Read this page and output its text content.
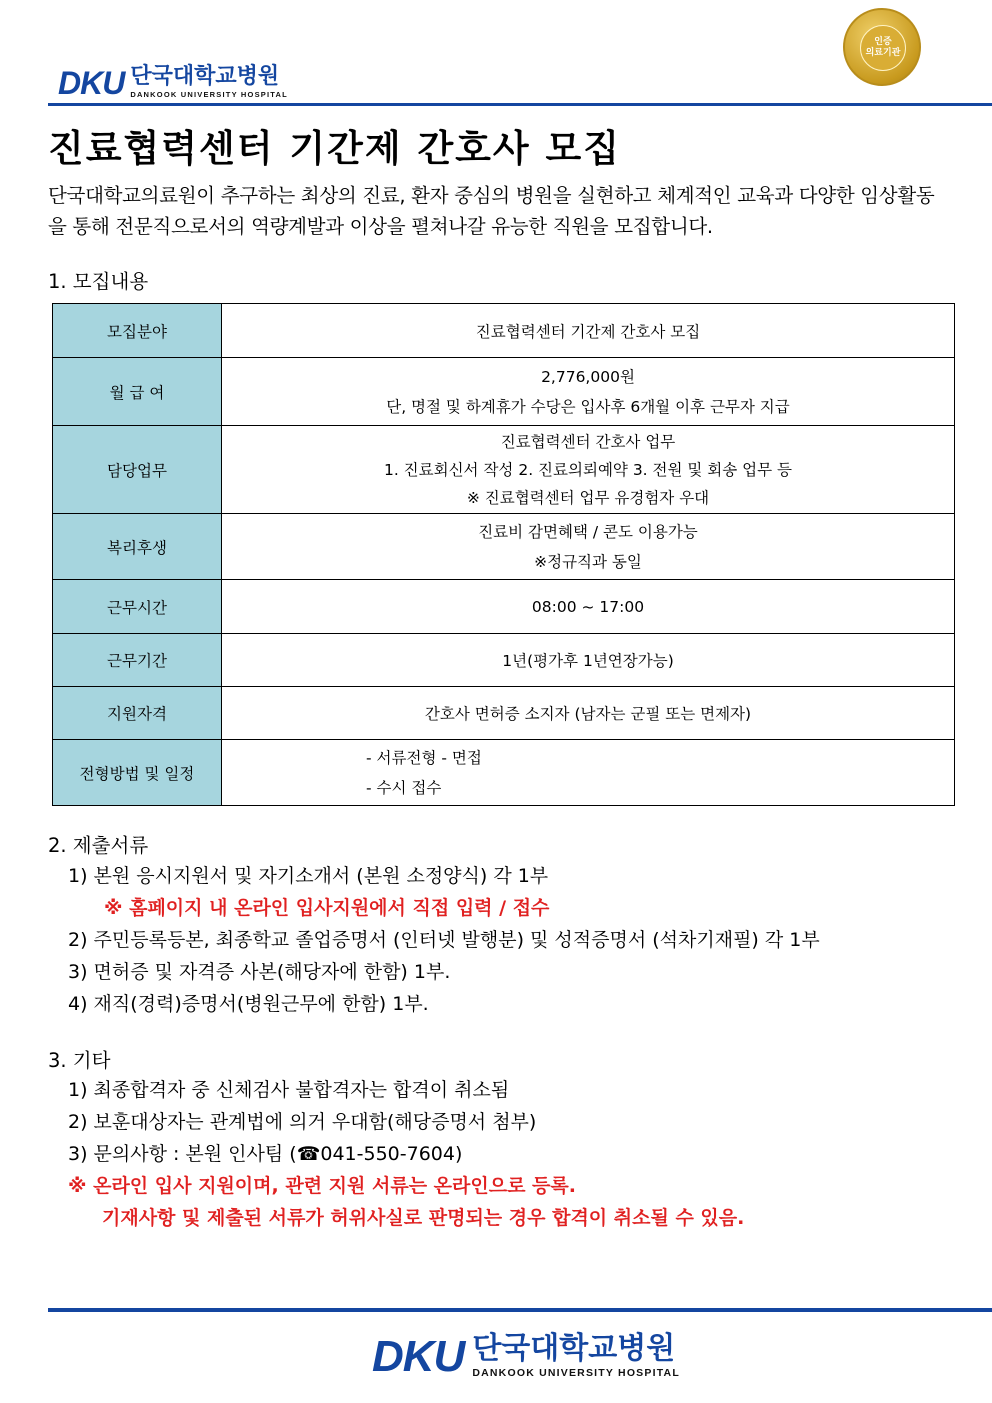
DKU 단국대학교병원
DANKOOK UNIVERSITY HOSPITAL
인증
의료기관
진료협력센터 기간제 간호사 모집
단국대학교의료원이 추구하는 최상의 진료, 환자 중심의 병원을 실현하고 체계적인 교육과 다양한 임상활동을 통해 전문직으로서의 역량계발과 이상을 펼쳐나갈 유능한 직원을 모집합니다.
1. 모집내용
모집분야	진료협력센터 기간제 간호사 모집

월 급 여	2,776,000원
단, 명절 및 하계휴가 수당은 입사후 6개월 이후 근무자 지급

담당업무	진료협력센터 간호사 업무
1. 진료회신서 작성 2. 진료의뢰예약 3. 전원 및 회송 업무 등
※ 진료협력센터 업무 유경험자 우대

복리후생	진료비 감면혜택 / 콘도 이용가능
※정규직과 동일

근무시간	08:00 ~ 17:00

근무기간	1년(평가후 1년연장가능)

지원자격	간호사 면허증 소지자 (남자는 군필 또는 면제자)

전형방법 및 일정	- 서류전형 - 면접
- 수시 접수
2. 제출서류
1) 본원 응시지원서 및 자기소개서 (본원 소정양식) 각 1부
※ 홈페이지 내 온라인 입사지원에서 직접 입력 / 접수
2) 주민등록등본, 최종학교 졸업증명서 (인터넷 발행분) 및 성적증명서 (석차기재필) 각 1부
3) 면허증 및 자격증 사본(해당자에 한함) 1부.
4) 재직(경력)증명서(병원근무에 한함) 1부.
3. 기타
1) 최종합격자 중 신체검사 불합격자는 합격이 취소됨
2) 보훈대상자는 관계법에 의거 우대함(해당증명서 첨부)
3) 문의사항 : 본원 인사팀 (☎041-550-7604)
※ 온라인 입사 지원이며, 관련 지원 서류는 온라인으로 등록.
기재사항 및 제출된 서류가 허위사실로 판명되는 경우 합격이 취소될 수 있음.
DKU 단국대학교병원
DANKOOK UNIVERSITY HOSPITAL
